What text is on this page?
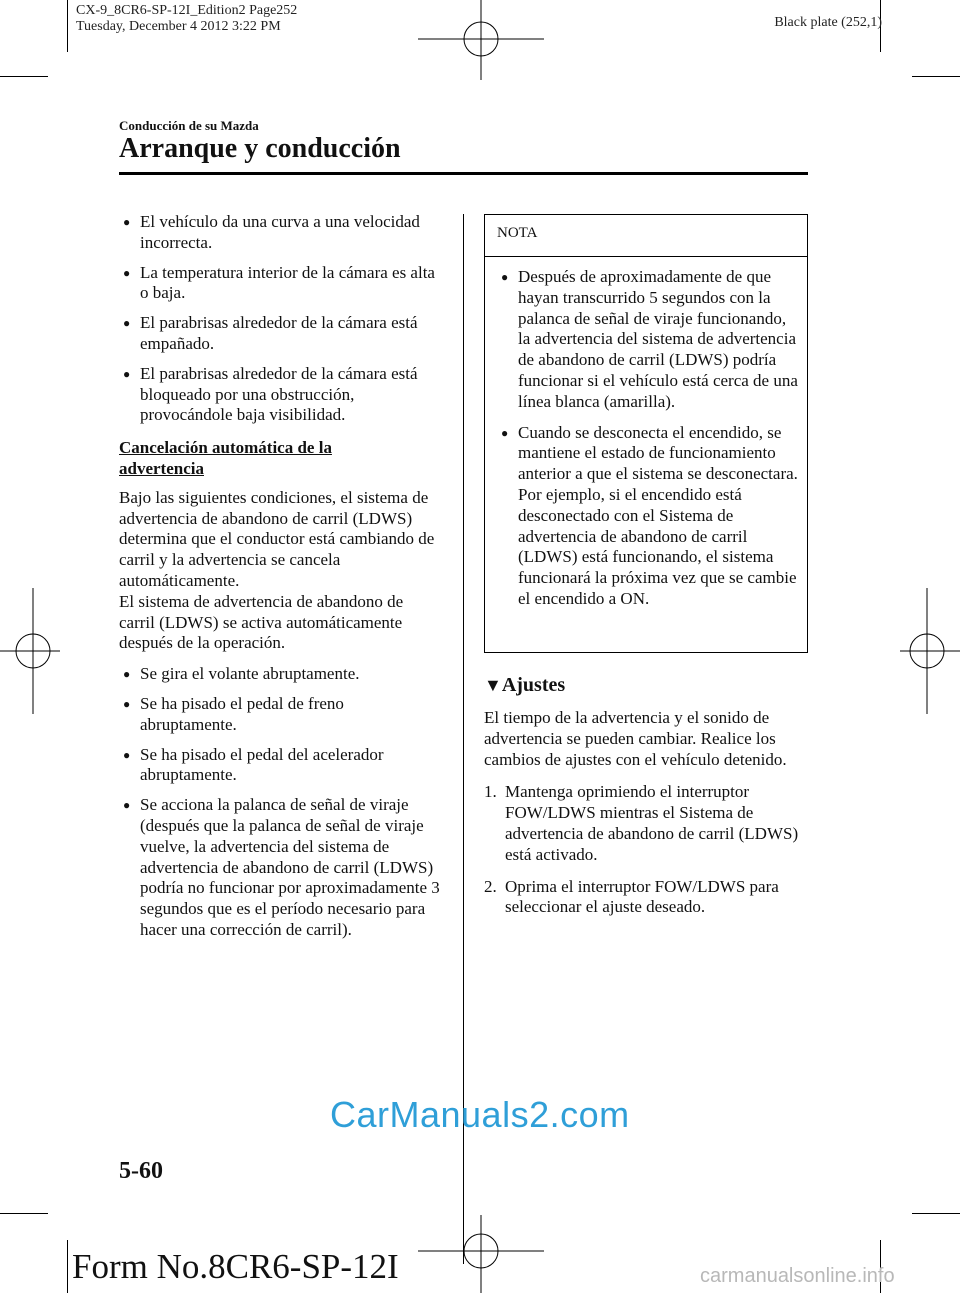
CX-9_8CR6-SP-12I_Edition2 Page252
Tuesday, December 4 2012 3:22 PM	Black plate (252,1)
Conducción de su Mazda
Arranque y conducción
● El vehículo da una curva a una velocidad incorrecta.
● La temperatura interior de la cámara es alta o baja.
● El parabrisas alrededor de la cámara está empañado.
● El parabrisas alrededor de la cámara está bloqueado por una obstrucción, provocándole baja visibilidad.

Cancelación automática de la advertencia

Bajo las siguientes condiciones, el sistema de advertencia de abandono de carril (LDWS) determina que el conductor está cambiando de carril y la advertencia se cancela automáticamente.

El sistema de advertencia de abandono de carril (LDWS) se activa automáticamente después de la operación.

● Se gira el volante abruptamente.
● Se ha pisado el pedal de freno abruptamente.
● Se ha pisado el pedal del acelerador abruptamente.
● Se acciona la palanca de señal de viraje (después que la palanca de señal de viraje vuelve, la advertencia del sistema de advertencia de abandono de carril (LDWS) podría no funcionar por aproximadamente 3 segundos que es el período necesario para hacer una corrección de carril).
NOTA
● Después de aproximadamente de que hayan transcurrido 5 segundos con la palanca de señal de viraje funcionando, la advertencia del sistema de advertencia de abandono de carril (LDWS) podría funcionar si el vehículo está cerca de una línea blanca (amarilla).
● Cuando se desconecta el encendido, se mantiene el estado de funcionamiento anterior a que el sistema se desconectara. Por ejemplo, si el encendido está desconectado con el Sistema de advertencia de abandono de carril (LDWS) está funcionando, el sistema funcionará la próxima vez que se cambie el encendido a ON.
▼Ajustes

El tiempo de la advertencia y el sonido de advertencia se pueden cambiar. Realice los cambios de ajustes con el vehículo detenido.

1. Mantenga oprimiendo el interruptor FOW/LDWS mientras el Sistema de advertencia de abandono de carril (LDWS) está activado.
2. Oprima el interruptor FOW/LDWS para seleccionar el ajuste deseado.
CarManuals2.com
5-60
Form No.8CR6-SP-12I	carmanualsonline.info
